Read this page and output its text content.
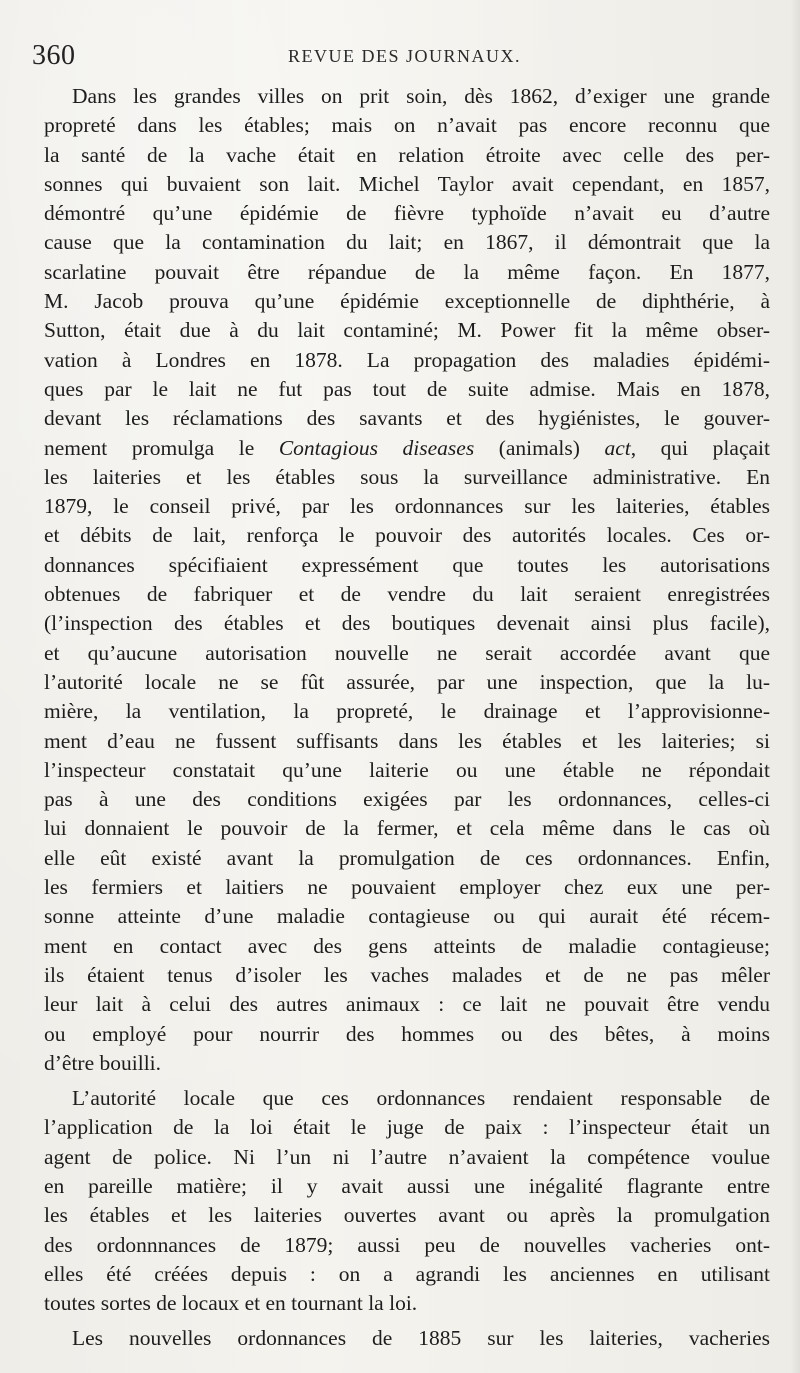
360	REVUE DES JOURNAUX.
Dans les grandes villes on prit soin, dès 1862, d’exiger une grande
propreté dans les étables; mais on n’avait pas encore reconnu que
la santé de la vache était en relation étroite avec celle des per-
sonnes qui buvaient son lait. Michel Taylor avait cependant, en 1857,
démontré qu’une épidémie de fièvre typhoïde n’avait eu d’autre
cause que la contamination du lait; en 1867, il démontrait que la
scarlatine pouvait être répandue de la même façon. En 1877,
M. Jacob prouva qu’une épidémie exceptionnelle de diphthérie, à
Sutton, était due à du lait contaminé; M. Power fit la même obser-
vation à Londres en 1878. La propagation des maladies épidémi-
ques par le lait ne fut pas tout de suite admise. Mais en 1878,
devant les réclamations des savants et des hygiénistes, le gouver-
nement promulga le Contagious diseases (animals) act, qui plaçait
les laiteries et les étables sous la surveillance administrative. En
1879, le conseil privé, par les ordonnances sur les laiteries, étables
et débits de lait, renforça le pouvoir des autorités locales. Ces or-
donnances spécifiaient expressément que toutes les autorisations
obtenues de fabriquer et de vendre du lait seraient enregistrées
(l’inspection des étables et des boutiques devenait ainsi plus facile),
et qu’aucune autorisation nouvelle ne serait accordée avant que
l’autorité locale ne se fût assurée, par une inspection, que la lu-
mière, la ventilation, la propreté, le drainage et l’approvisionne-
ment d’eau ne fussent suffisants dans les étables et les laiteries; si
l’inspecteur constatait qu’une laiterie ou une étable ne répondait
pas à une des conditions exigées par les ordonnances, celles-ci
lui donnaient le pouvoir de la fermer, et cela même dans le cas où
elle eût existé avant la promulgation de ces ordonnances. Enfin,
les fermiers et laitiers ne pouvaient employer chez eux une per-
sonne atteinte d’une maladie contagieuse ou qui aurait été récem-
ment en contact avec des gens atteints de maladie contagieuse;
ils étaient tenus d’isoler les vaches malades et de ne pas mêler
leur lait à celui des autres animaux : ce lait ne pouvait être vendu
ou employé pour nourrir des hommes ou des bêtes, à moins
d’être bouilli.
L’autorité locale que ces ordonnances rendaient responsable de
l’application de la loi était le juge de paix : l’inspecteur était un
agent de police. Ni l’un ni l’autre n’avaient la compétence voulue
en pareille matière; il y avait aussi une inégalité flagrante entre
les étables et les laiteries ouvertes avant ou après la promulgation
des ordonnnances de 1879; aussi peu de nouvelles vacheries ont-
elles été créées depuis : on a agrandi les anciennes en utilisant
toutes sortes de locaux et en tournant la loi.
Les nouvelles ordonnances de 1885 sur les laiteries, vacheries
